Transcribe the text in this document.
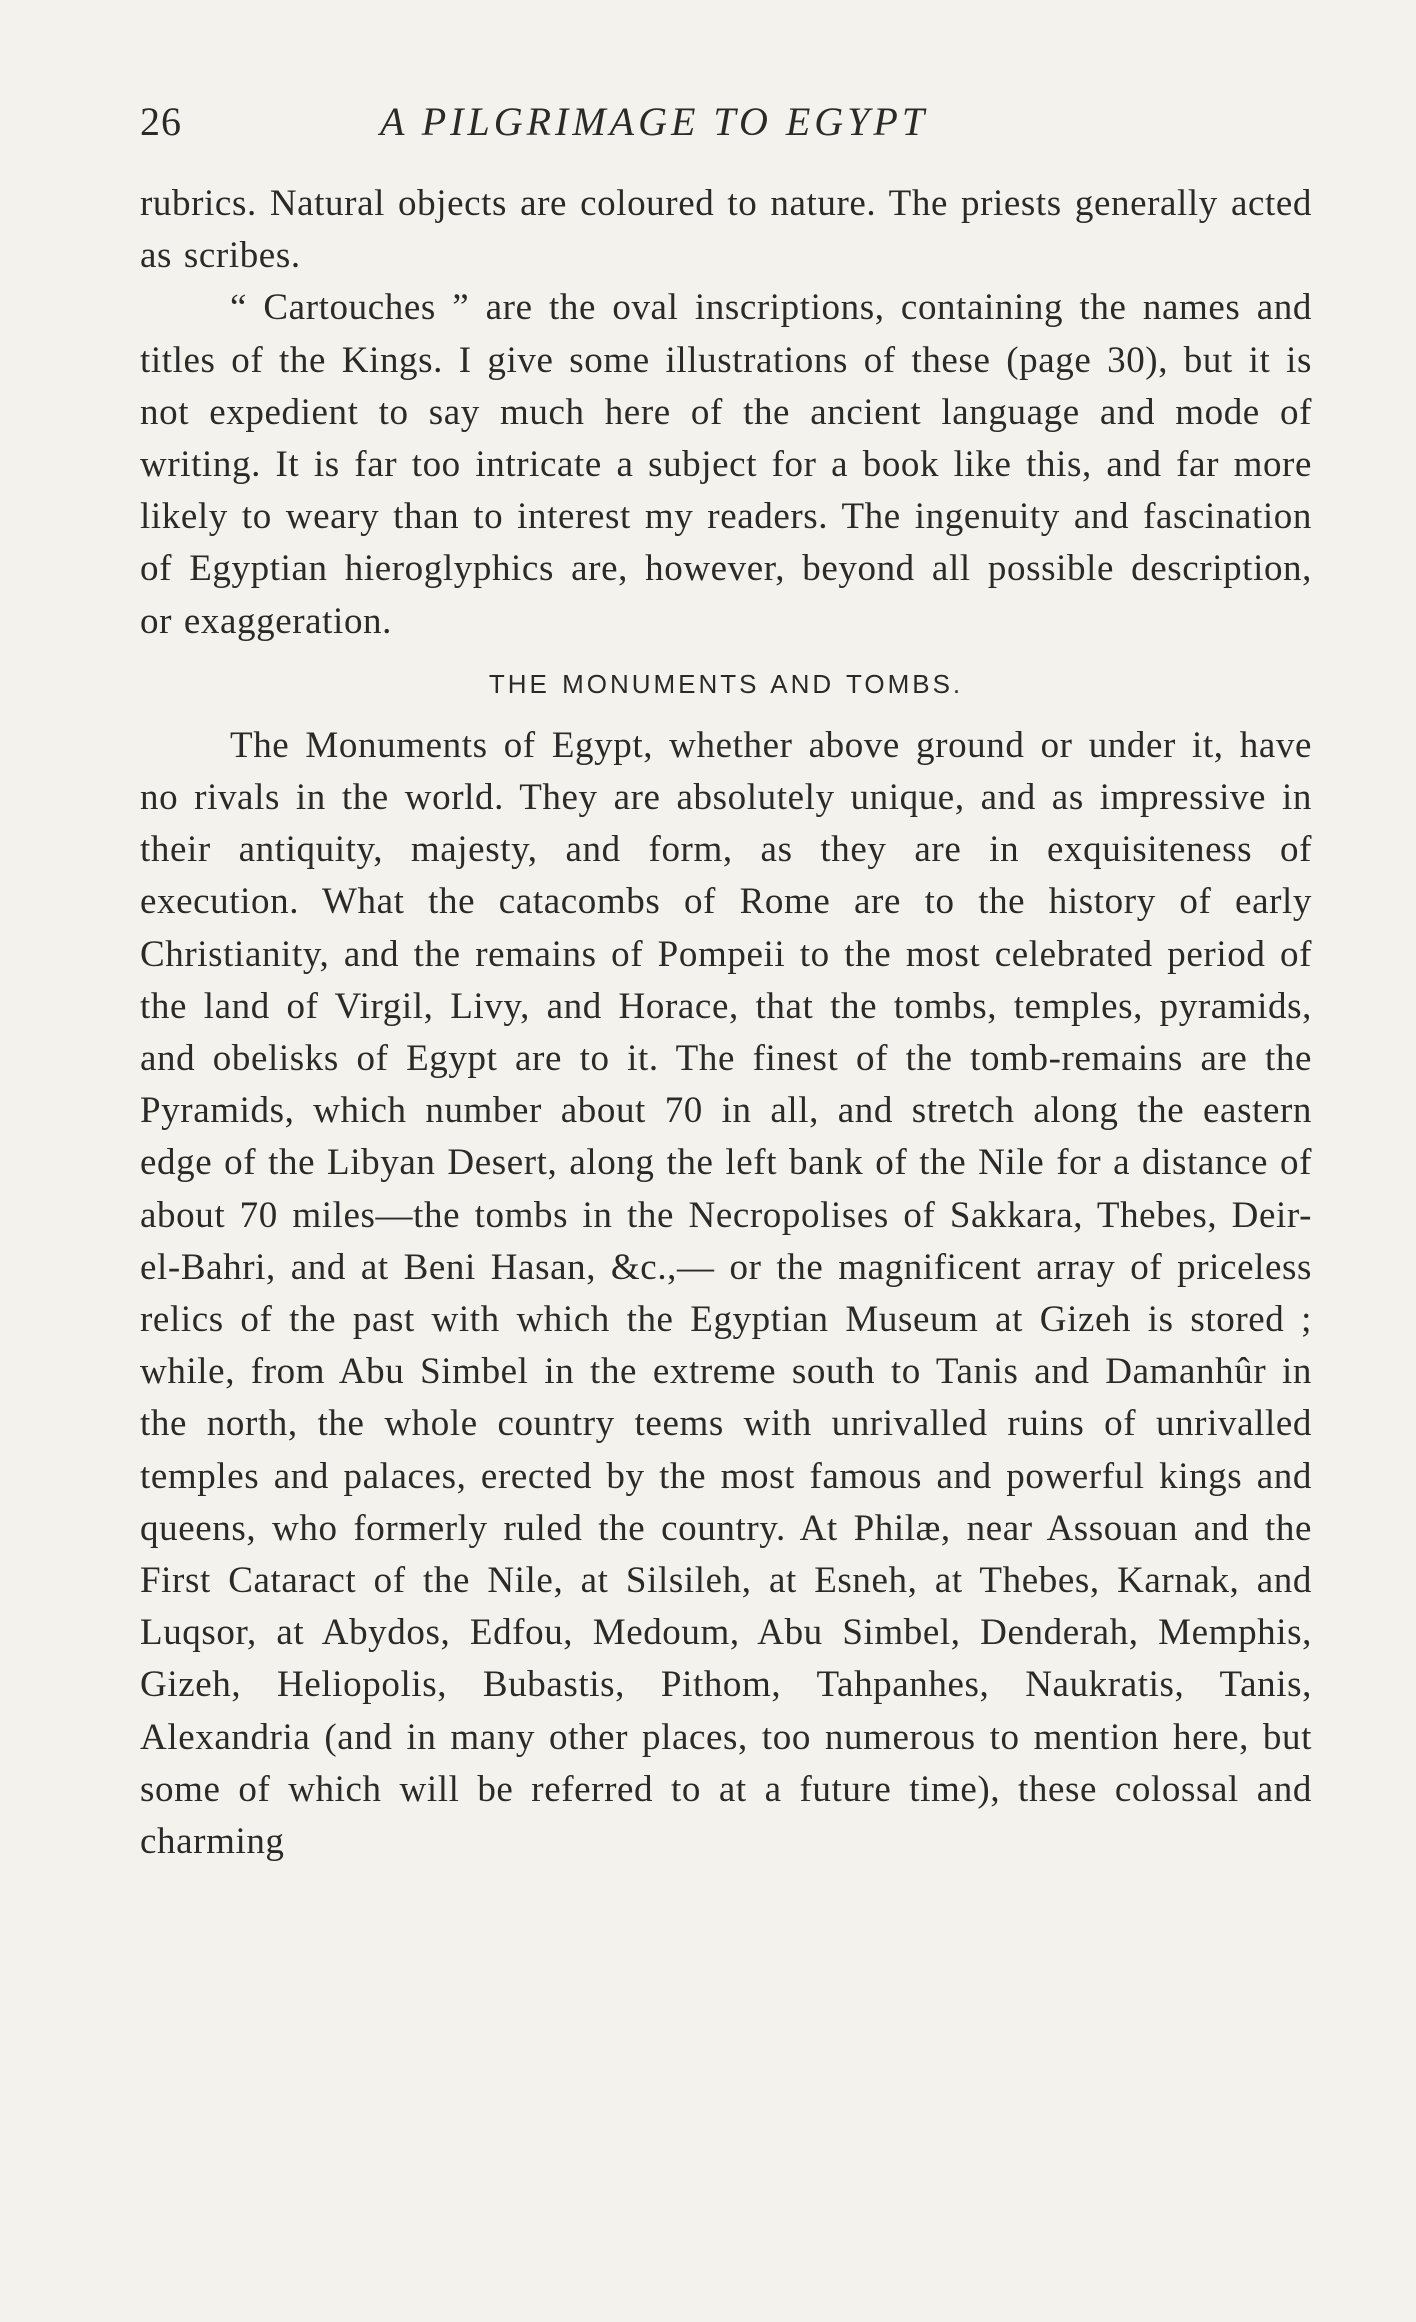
26	A PILGRIMAGE TO EGYPT

rubrics. Natural objects are coloured to nature. The priests generally acted as scribes.

“ Cartouches ” are the oval inscriptions, containing the names and titles of the Kings. I give some illustrations of these (page 30), but it is not expedient to say much here of the ancient language and mode of writing. It is far too intricate a subject for a book like this, and far more likely to weary than to interest my readers. The ingenuity and fascination of Egyptian hieroglyphics are, however, beyond all possible description, or exaggeration.

THE MONUMENTS AND TOMBS.

The Monuments of Egypt, whether above ground or under it, have no rivals in the world. They are absolutely unique, and as impressive in their antiquity, majesty, and form, as they are in exquisiteness of execution. What the catacombs of Rome are to the history of early Christianity, and the remains of Pompeii to the most celebrated period of the land of Virgil, Livy, and Horace, that the tombs, temples, pyramids, and obelisks of Egypt are to it. The finest of the tomb-remains are the Pyramids, which number about 70 in all, and stretch along the eastern edge of the Libyan Desert, along the left bank of the Nile for a distance of about 70 miles—the tombs in the Necropolises of Sakkara, Thebes, Deir-el-Bahri, and at Beni Hasan, &c.,— or the magnificent array of priceless relics of the past with which the Egyptian Museum at Gizeh is stored ; while, from Abu Simbel in the extreme south to Tanis and Damanhûr in the north, the whole country teems with unrivalled ruins of unrivalled temples and palaces, erected by the most famous and powerful kings and queens, who formerly ruled the country. At Philæ, near Assouan and the First Cataract of the Nile, at Silsileh, at Esneh, at Thebes, Karnak, and Luqsor, at Abydos, Edfou, Medoum, Abu Simbel, Denderah, Memphis, Gizeh, Heliopolis, Bubastis, Pithom, Tahpanhes, Naukratis, Tanis, Alexandria (and in many other places, too numerous to mention here, but some of which will be referred to at a future time), these colossal and charming
